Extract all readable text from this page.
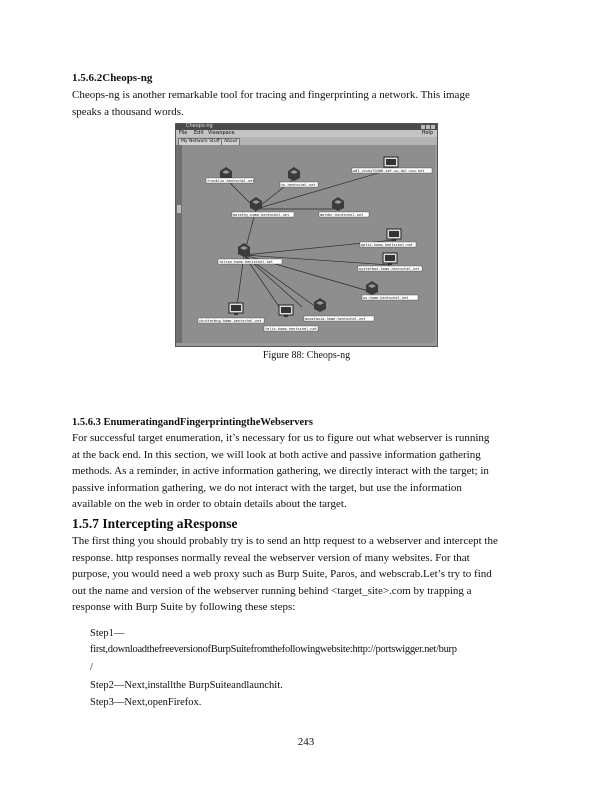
1.5.6.2Cheops-ng
Cheops-ng is another remarkable tool for tracing and fingerprinting a network. This image
speaks a thousand words.
Cheops-ng
File Edit Viewspace	Help
My Network Stuff About
franklin.hentschel.net
vu.hentschel.net
w01_vicky33408.sef-cu.dsl.cox.net
dorothy.home.hentschel.net	morder.hentschel.net
falcon.home.hentschel.net
optic.home.hentschel.net
oysterbox.home.hentschel.net
ox.home.hentschel.net
chutterbug.home.hentschel.net
felix.home.hentschel.net
anastasia.home.hentschel.net
Figure 88: Cheops-ng
1.5.6.3 EnumeratingandFingerprintingtheWebservers
For successful target enumeration, it’s necessary for us to figure out what webserver is running
at the back end. In this section, we will look at both active and passive information gathering
methods. As a reminder, in active information gathering, we directly interact with the target; in
passive information gathering, we do not interact with the target, but use the information
available on the web in order to obtain details about the target.
1.5.7 Intercepting aResponse
The first thing you should probably try is to send an http request to a webserver and intercept the
response. http responses normally reveal the webserver version of many websites. For that
purpose, you would need a web proxy such as Burp Suite, Paros, and webscrab.Let’s try to find
out the name and version of the webserver running behind <target_site>.com by trapping a
response with Burp Suite by following these steps:
Step1—
first,downloadthefreeversionofBurpSuitefromthefollowingwebsite:http://portswigger.net/burp
/
Step2—Next,installthe BurpSuiteandlaunchit.
Step3—Next,openFirefox.
243
